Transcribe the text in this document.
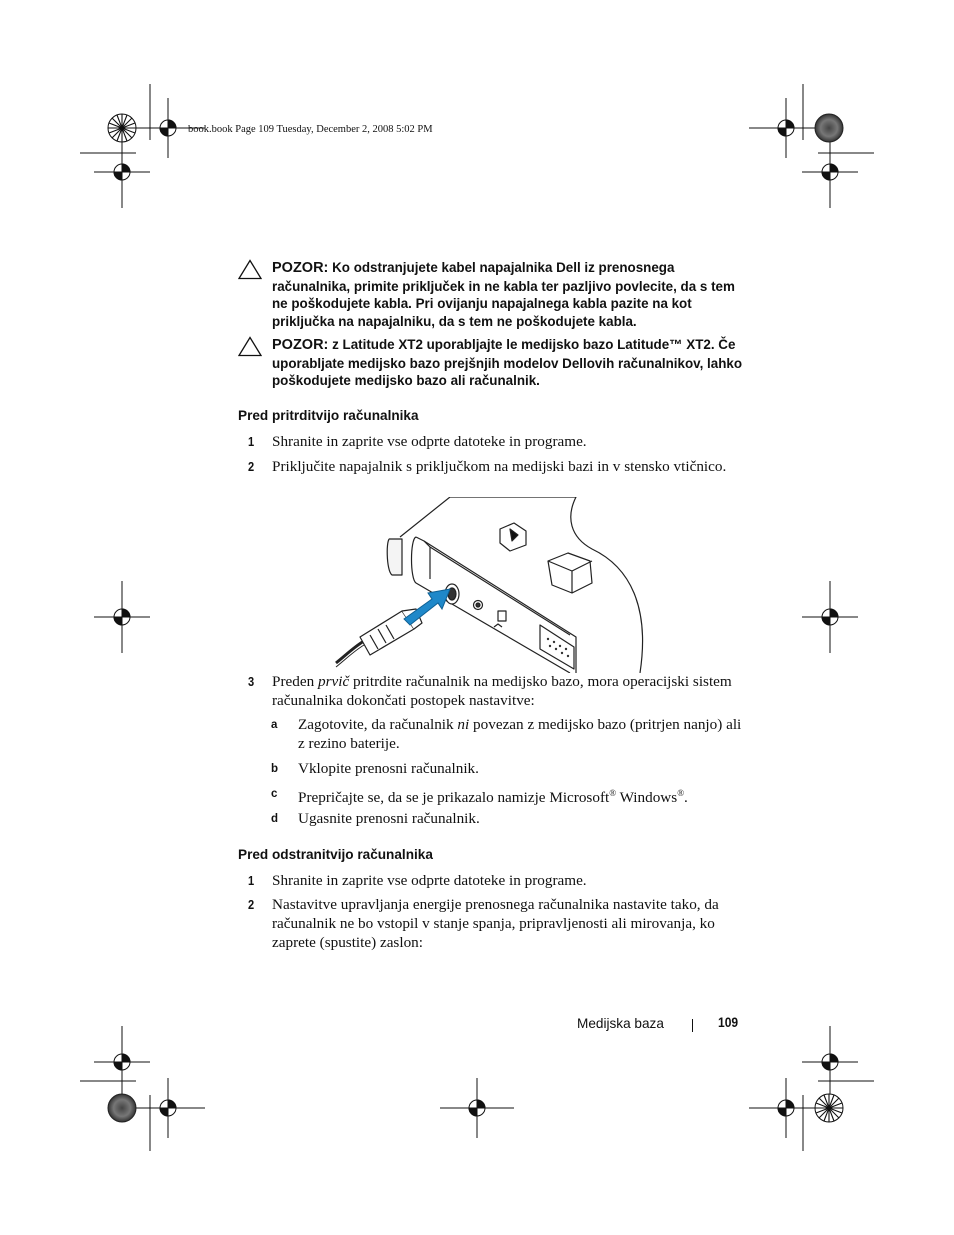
book.book Page 109 Tuesday, December 2, 2008 5:02 PM
POZOR: Ko odstranjujete kabel napajalnika Dell iz prenosnega računalnika, primite priključek in ne kabla ter pazljivo povlecite, da s tem ne poškodujete kabla. Pri ovijanju napajalnega kabla pazite na kot priključka na napajalniku, da s tem ne poškodujete kabla.
POZOR: z Latitude XT2 uporabljajte le medijsko bazo Latitude™ XT2. Če uporabljate medijsko bazo prejšnjih modelov Dellovih računalnikov, lahko poškodujete medijsko bazo ali računalnik.
Pred pritrditvijo računalnika
1 Shranite in zaprite vse odprte datoteke in programe.
2 Priključite napajalnik s priključkom na medijski bazi in v stensko vtičnico.
3 Preden prvič pritrdite računalnik na medijsko bazo, mora operacijski sistem računalnika dokončati postopek nastavitve:
a Zagotovite, da računalnik ni povezan z medijsko bazo (pritrjen nanjo) ali z rezino baterije.
b Vklopite prenosni računalnik.
c Prepričajte se, da se je prikazalo namizje Microsoft® Windows®.
d Ugasnite prenosni računalnik.
Pred odstranitvijo računalnika
1 Shranite in zaprite vse odprte datoteke in programe.
2 Nastavitve upravljanja energije prenosnega računalnika nastavite tako, da računalnik ne bo vstopil v stanje spanja, pripravljenosti ali mirovanja, ko zaprete (spustite) zaslon:
Medijska baza	109
